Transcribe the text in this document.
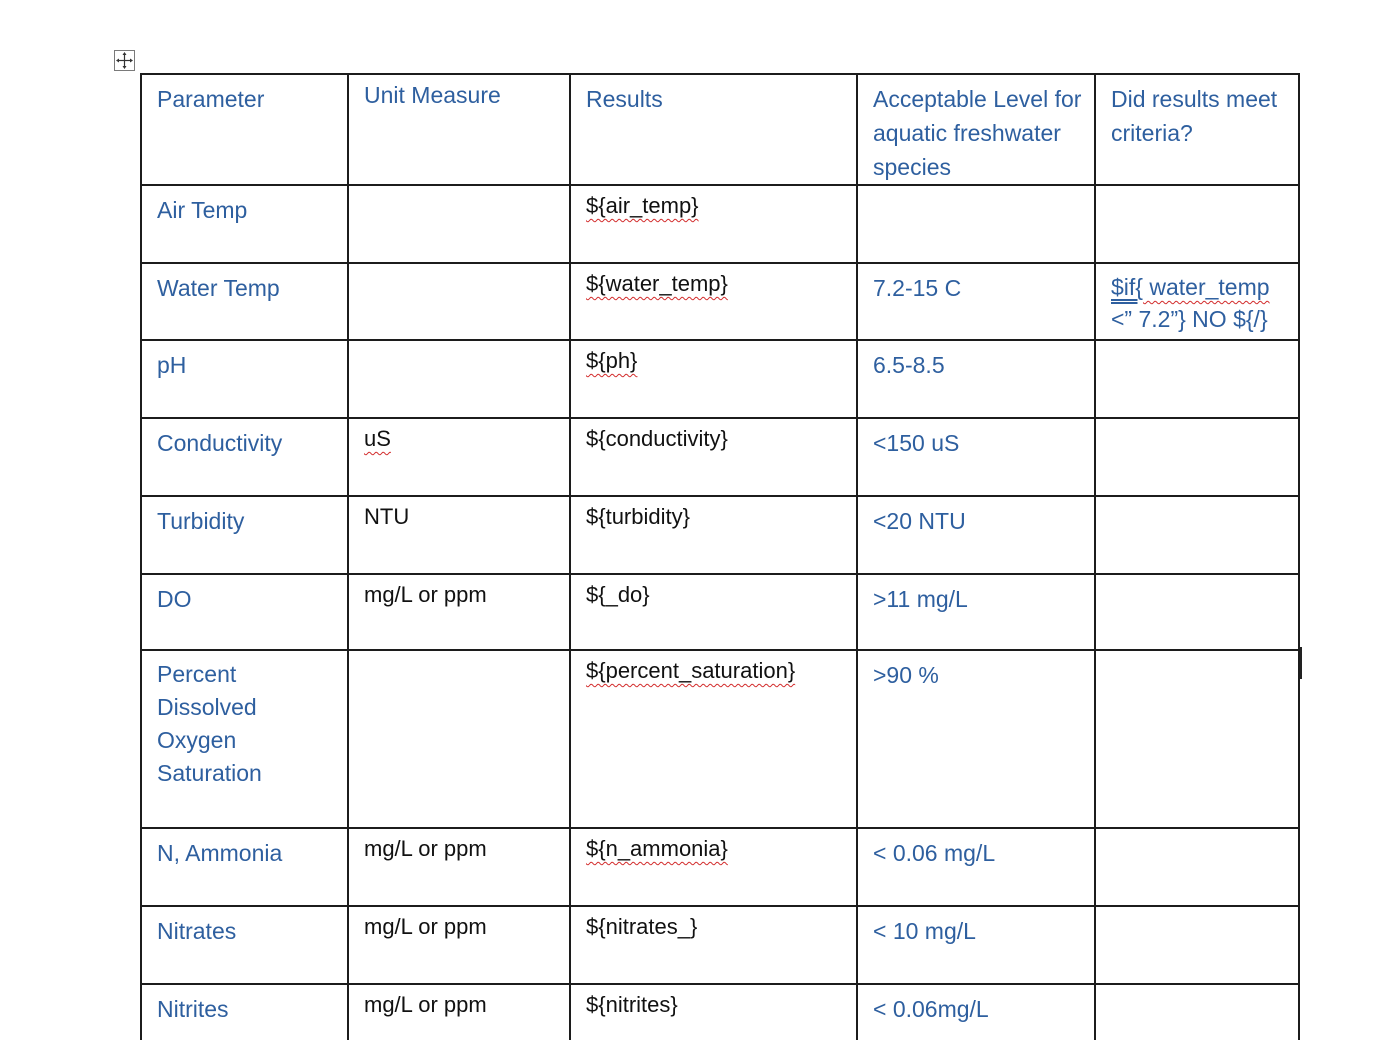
Parameter	Unit Measure	Results	Acceptable Level for aquatic freshwater species	Did results meet criteria?

Air Temp		${air_temp}		

Water Temp		${water_temp}	7.2-15 C	$if{ water_temp
<” 7.2”} NO ${/}

pH		${ph}	6.5-8.5	

Conductivity	uS	${conductivity}	<150 uS	

Turbidity	NTU	${turbidity}	<20 NTU	

DO	mg/L or ppm	${_do}	>11 mg/L	

Percent Dissolved Oxygen Saturation		${percent_saturation}	>90 %	

N, Ammonia	mg/L or ppm	${n_ammonia}	< 0.06 mg/L	

Nitrates	mg/L or ppm	${nitrates_}	< 10 mg/L	

Nitrites	mg/L or ppm	${nitrites}	< 0.06mg/L	
